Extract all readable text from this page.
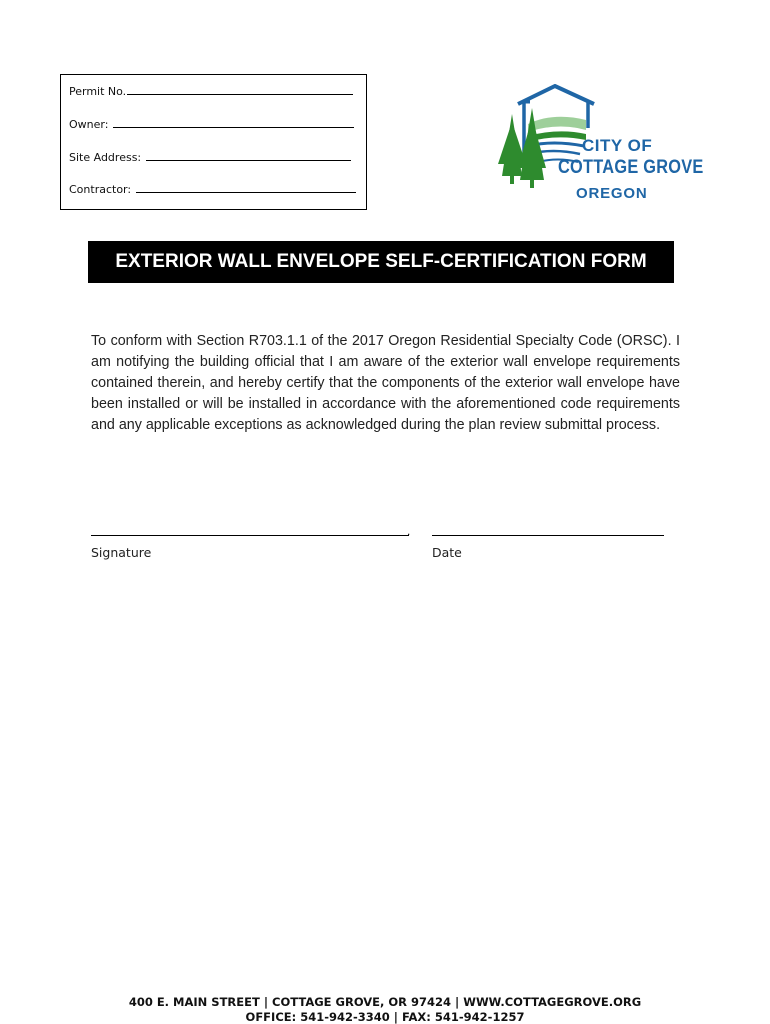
Permit No.
Owner:
Site Address:
Contractor:
CITY OF
COTTAGE GROVE
OREGON
EXTERIOR WALL ENVELOPE SELF-CERTIFICATION FORM
To conform with Section R703.1.1 of the 2017 Oregon Residential Specialty Code (ORSC). I am notifying the building official that I am aware of the exterior wall envelope requirements contained therein, and hereby certify that the components of the exterior wall envelope have been installed or will be installed in accordance with the aforementioned code requirements and any applicable exceptions as acknowledged during the plan review submittal process.
.
Signature	Date
400 E. MAIN STREET | COTTAGE GROVE, OR 97424 | WWW.COTTAGEGROVE.ORG
OFFICE: 541-942-3340 | FAX: 541-942-1257
